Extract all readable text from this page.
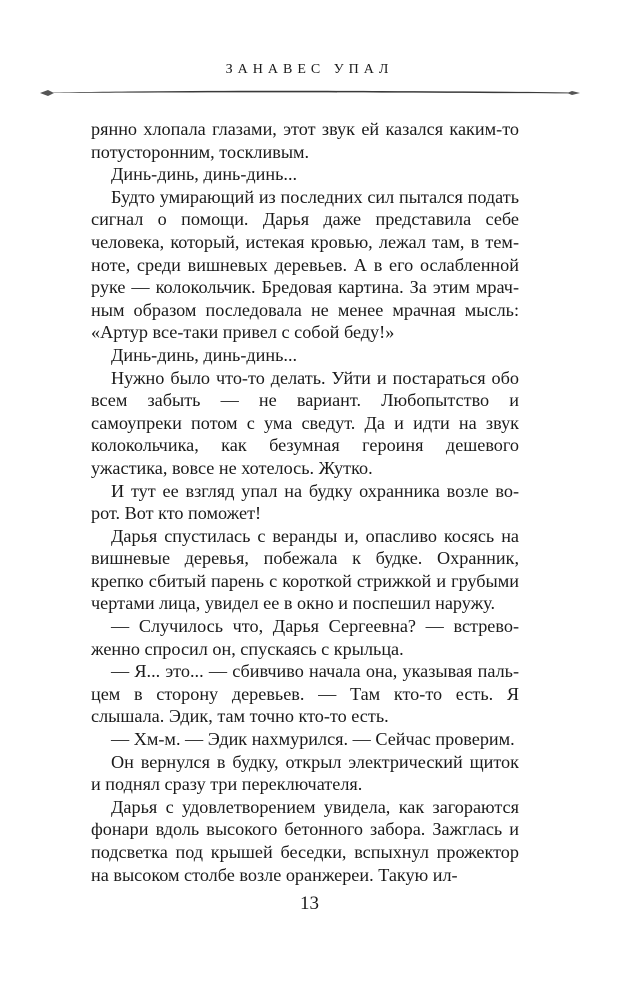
ЗАНАВЕС УПАЛ

рянно хлопала глазами, этот звук ей казался каким-то потусторонним, тоскливым.

Динь-динь, динь-динь...

Будто умирающий из последних сил пытался подать сигнал о помощи. Дарья даже представила себе человека, который, истекая кровью, лежал там, в темноте, среди вишневых деревьев. А в его ослабленной руке — колокольчик. Бредовая картина. За этим мрачным образом последовала не менее мрачная мысль: «Артур все-таки привел с собой беду!»

Динь-динь, динь-динь...

Нужно было что-то делать. Уйти и постараться обо всем забыть — не вариант. Любопытство и самоупреки потом с ума сведут. Да и идти на звук колокольчика, как безумная героиня дешевого ужастика, вовсе не хотелось. Жутко.

И тут ее взгляд упал на будку охранника возле ворот. Вот кто поможет!

Дарья спустилась с веранды и, опасливо косясь на вишневые деревья, побежала к будке. Охранник, крепко сбитый парень с короткой стрижкой и грубыми чертами лица, увидел ее в окно и поспешил наружу.

— Случилось что, Дарья Сергеевна? — встревоженно спросил он, спускаясь с крыльца.

— Я... это... — сбивчиво начала она, указывая пальцем в сторону деревьев. — Там кто-то есть. Я слышала. Эдик, там точно кто-то есть.

— Хм-м. — Эдик нахмурился. — Сейчас проверим.

Он вернулся в будку, открыл электрический щиток и поднял сразу три переключателя.

Дарья с удовлетворением увидела, как загораются фонари вдоль высокого бетонного забора. Зажглась и подсветка под крышей беседки, вспыхнул прожектор на высоком столбе возле оранжереи. Такую ил-

13
